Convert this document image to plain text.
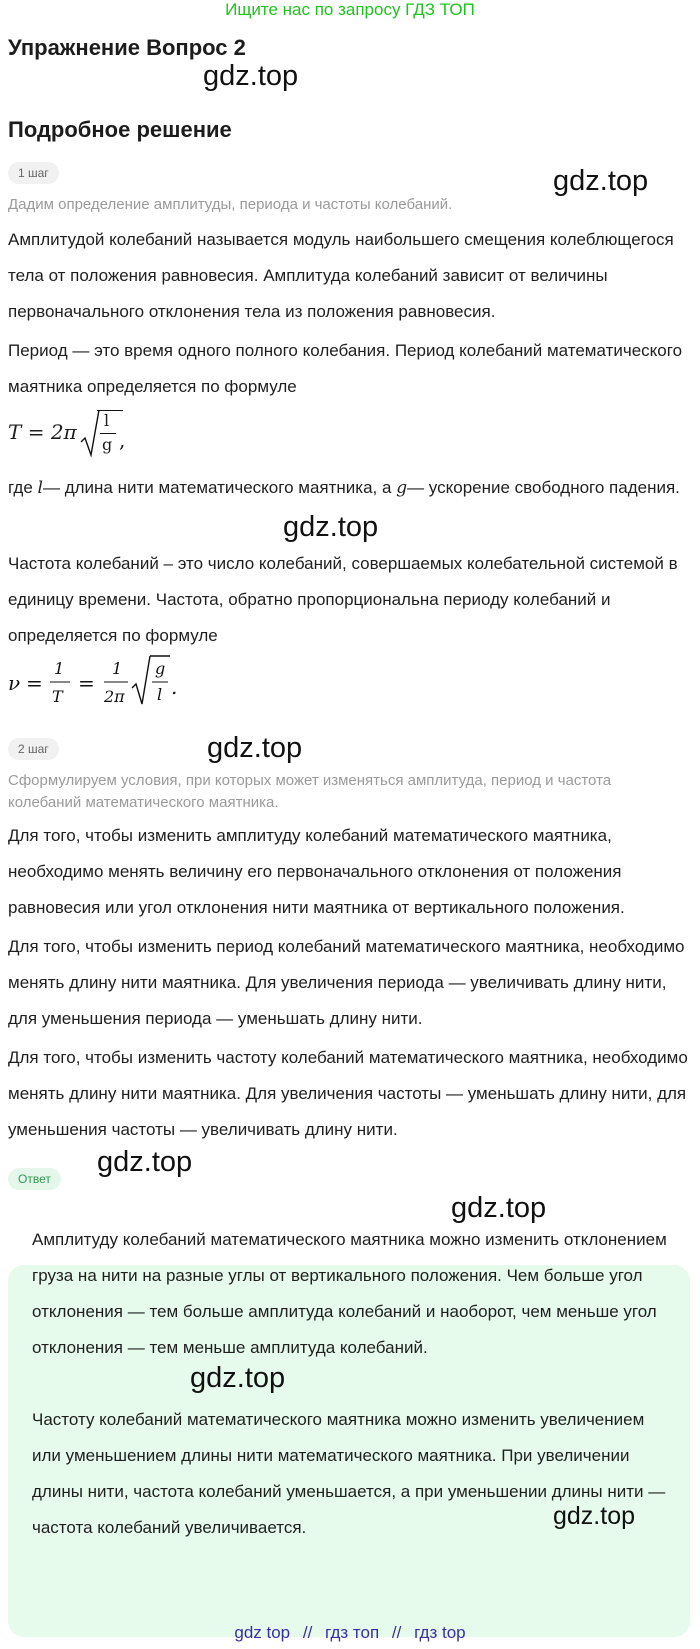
Ищите нас по запросу ГДЗ ТОП
Упражнение Вопрос 2
gdz.top
Подробное решение
1 шаг	gdz.top
Дадим определение амплитуды, периода и частоты колебаний.
Амплитудой колебаний называется модуль наибольшего смещения колеблющегося тела от положения равновесия. Амплитуда колебаний зависит от величины первоначального отклонения тела из положения равновесия.
Период — это время одного полного колебания. Период колебаний математического маятника определяется по формуле
T = 2π l
g ,
где l— длина нити математического маятника, а g— ускорение свободного падения.
gdz.top
Частота колебаний – это число колебаний, совершаемых колебательной системой в единицу времени. Частота, обратно пропорциональна периоду колебаний и определяется по формуле
ν =
1
T
=
1
2π
g
l .
2 шаг	gdz.top
Сформулируем условия, при которых может изменяться амплитуда, период и частота колебаний математического маятника.
Для того, чтобы изменить амплитуду колебаний математического маятника, необходимо менять величину его первоначального отклонения от положения равновесия или угол отклонения нити маятника от вертикального положения.
Для того, чтобы изменить период колебаний математического маятника, необходимо менять длину нити маятника. Для увеличения периода — увеличивать длину нити, для уменьшения периода — уменьшать длину нити.
Для того, чтобы изменить частоту колебаний математического маятника, необходимо менять длину нити маятника. Для увеличения частоты — уменьшать длину нити, для уменьшения частоты — увеличивать длину нити.
Ответ
gdz.top
gdz.top
Амплитуду колебаний математического маятника можно изменить отклонением груза на нити на разные углы от вертикального положения. Чем больше угол отклонения — тем больше амплитуда колебаний и наоборот, чем меньше угол отклонения — тем меньше амплитуда колебаний.
gdz.top
Частоту колебаний математического маятника можно изменить увеличением или уменьшением длины нити математического маятника. При увеличении длины нити, частота колебаний уменьшается, а при уменьшении длины нити — частота колебаний увеличивается.	gdz.top
gdz top // гдз топ // гдз top
